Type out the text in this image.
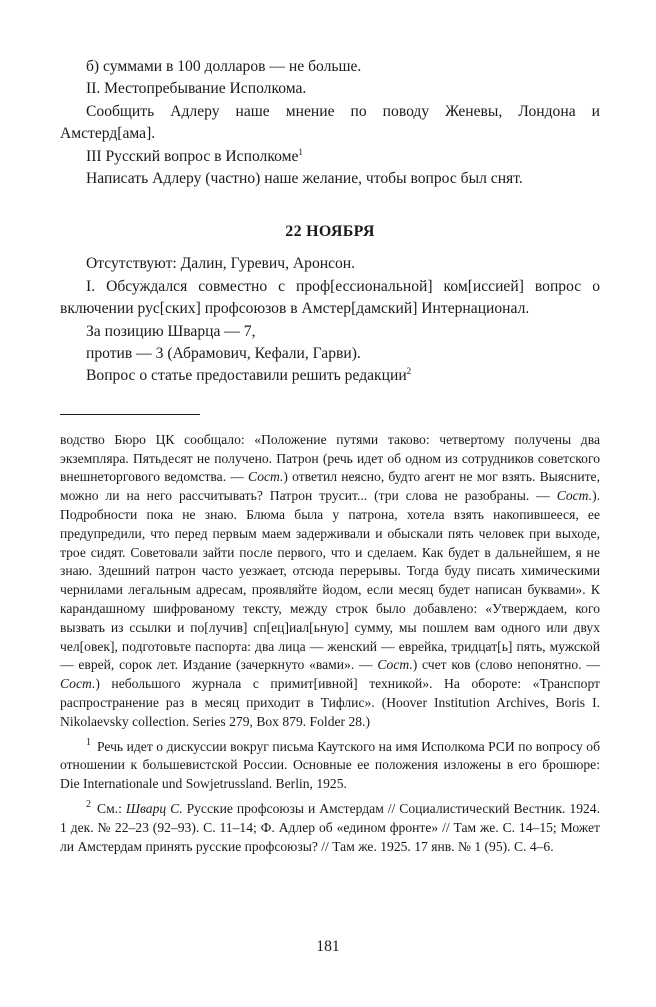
б) суммами в 100 долларов — не больше.

II. Местопребывание Исполкома.

Сообщить Адлеру наше мнение по поводу Женевы, Лондона и Амстерд[ама].

III Русский вопрос в Исполкоме$^1$

Написать Адлеру (частно) наше желание, чтобы вопрос был снят.

22 НОЯБРЯ

Отсутствуют: Далин, Гуревич, Аронсон.

I. Обсуждался совместно с проф[ессиональной] ком[иссией] вопрос о включении рус[ских] профсоюзов в Амстер[дамский] Интернационал.

За позицию Шварца — 7,

против — 3 (Абрамович, Кефали, Гарви).

Вопрос о статье предоставили решить редакции$^2$

водство Бюро ЦК сообщало: «Положение путями таково: четвертому получены два экземпляра. Пятьдесят не получено. Патрон (речь идет об одном из сотрудников советского внешнеторгового ведомства. — Сост.) ответил неясно, будто агент не мог взять. Выясните, можно ли на него рассчитывать? Патрон трусит... (три слова не разобраны. — Сост.). Подробности пока не знаю. Блюма была у патрона, хотела взять накопившееся, ее предупредили, что перед первым маем задерживали и обыскали пять человек при выходе, трое сидят. Советовали зайти после первого, что и сделаем. Как будет в дальнейшем, я не знаю. Здешний патрон часто уезжает, отсюда перерывы. Тогда буду писать химическими чернилами легальным адресам, проявляйте йодом, если месяц будет написан буквами». К карандашному шифрованому тексту, между строк было добавлено: «Утверждаем, кого вызвать из ссылки и по[лучив] сп[ец]иал[ьную] сумму, мы пошлем вам одного или двух чел[овек], подготовьте паспорта: два лица — женский — еврейка, тридцат[ь] пять, мужской — еврей, сорок лет. Издание (зачеркнуто «вами». — Сост.) счет ков (слово непонятно. — Сост.) небольшого журнала с примит[ивной] техникой». На обороте: «Транспорт распространение раз в месяц приходит в Тифлис». (Hoover Institution Archives, Boris I. Nikolaevsky collection. Series 279, Box 879. Folder 28.)

$^1$ Речь идет о дискуссии вокруг письма Каутского на имя Исполкома РСИ по вопросу об отношении к большевистской России. Основные ее положения изложены в его брошюре: Die Internationale und Sowjetrussland. Berlin, 1925.

$^2$ См.: Шварц С. Русские профсоюзы и Амстердам // Социалистический Вестник. 1924. 1 дек. № 22–23 (92–93). С. 11–14; Ф. Адлер об «едином фронте» // Там же. С. 14–15; Может ли Амстердам принять русские профсоюзы? // Там же. 1925. 17 янв. № 1 (95). С. 4–6.

181
